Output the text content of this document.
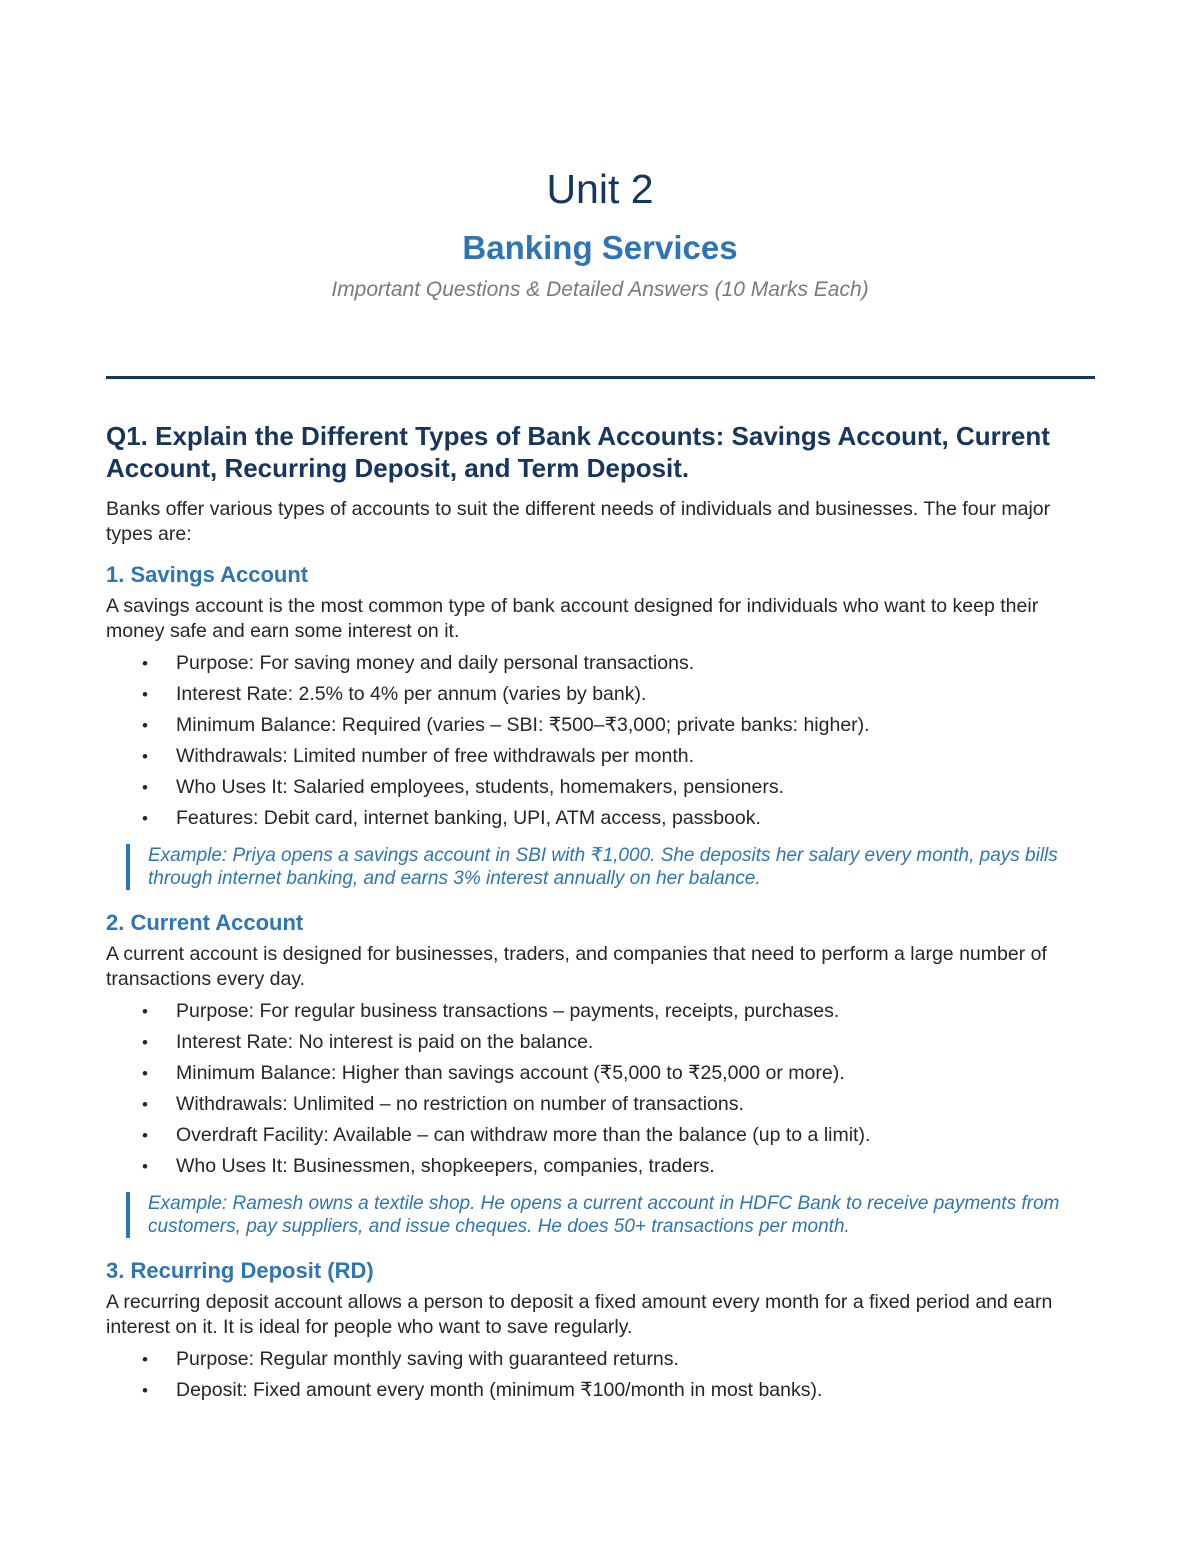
Unit 2
Banking Services
Important Questions & Detailed Answers (10 Marks Each)
Q1. Explain the Different Types of Bank Accounts: Savings Account, Current Account, Recurring Deposit, and Term Deposit.

Banks offer various types of accounts to suit the different needs of individuals and businesses. The four major types are:

1. Savings Account

A savings account is the most common type of bank account designed for individuals who want to keep their money safe and earn some interest on it.

• Purpose: For saving money and daily personal transactions.
• Interest Rate: 2.5% to 4% per annum (varies by bank).
• Minimum Balance: Required (varies – SBI: ₹500–₹3,000; private banks: higher).
• Withdrawals: Limited number of free withdrawals per month.
• Who Uses It: Salaried employees, students, homemakers, pensioners.
• Features: Debit card, internet banking, UPI, ATM access, passbook.
Example: Priya opens a savings account in SBI with ₹1,000. She deposits her salary every month, pays bills through internet banking, and earns 3% interest annually on her balance.
2. Current Account

A current account is designed for businesses, traders, and companies that need to perform a large number of transactions every day.

• Purpose: For regular business transactions – payments, receipts, purchases.
• Interest Rate: No interest is paid on the balance.
• Minimum Balance: Higher than savings account (₹5,000 to ₹25,000 or more).
• Withdrawals: Unlimited – no restriction on number of transactions.
• Overdraft Facility: Available – can withdraw more than the balance (up to a limit).
• Who Uses It: Businessmen, shopkeepers, companies, traders.
Example: Ramesh owns a textile shop. He opens a current account in HDFC Bank to receive payments from customers, pay suppliers, and issue cheques. He does 50+ transactions per month.
3. Recurring Deposit (RD)

A recurring deposit account allows a person to deposit a fixed amount every month for a fixed period and earn interest on it. It is ideal for people who want to save regularly.

• Purpose: Regular monthly saving with guaranteed returns.
• Deposit: Fixed amount every month (minimum ₹100/month in most banks).
